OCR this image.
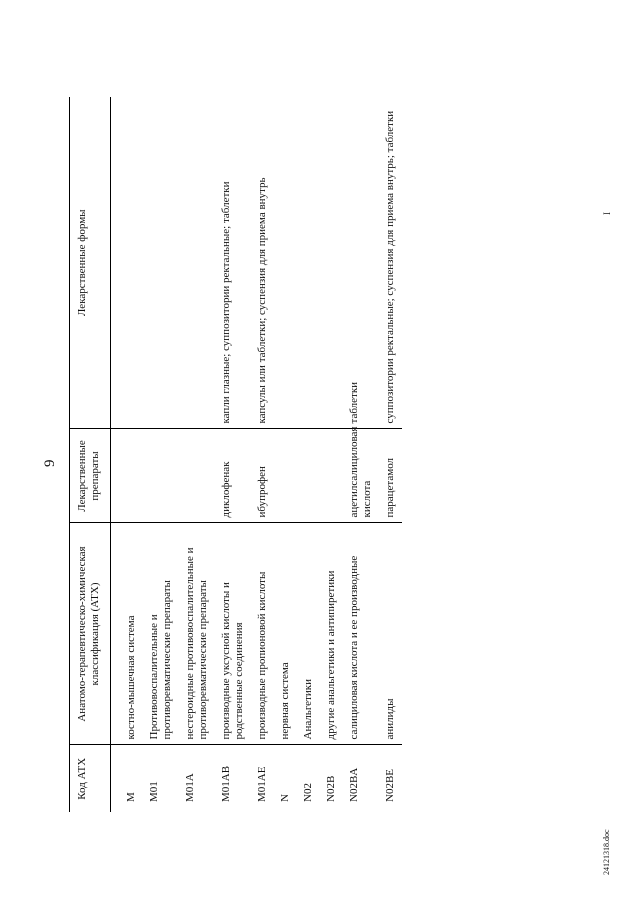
9
Код АТХ	Анатомо-терапевтическо-химическая классификация (АТХ)	Лекарственные препараты	Лекарственные формы
M	костно-мышечная система		
M01	Противовоспалительные и противоревматические препараты		
M01A	нестероидные противовоспалительные и противоревматические препараты		
M01AB	производные уксусной кислоты и родственные соединения	диклофенак	капли глазные; суппозитории ректальные; таблетки
M01AE	производные пропионовой кислоты	ибупрофен	капсулы или таблетки; суспензия для приема внутрь
N	нервная система		
N02	Анальгетики		
N02B	другие анальгетики и антипиретики		
N02BA	салициловая кислота и ее производные	ацетилсалициловая кислота	таблетки
N02BE	анилиды	парацетамол	суппозитории ректальные; суспензия для приема внутрь; таблетки	I
24121318.doc
